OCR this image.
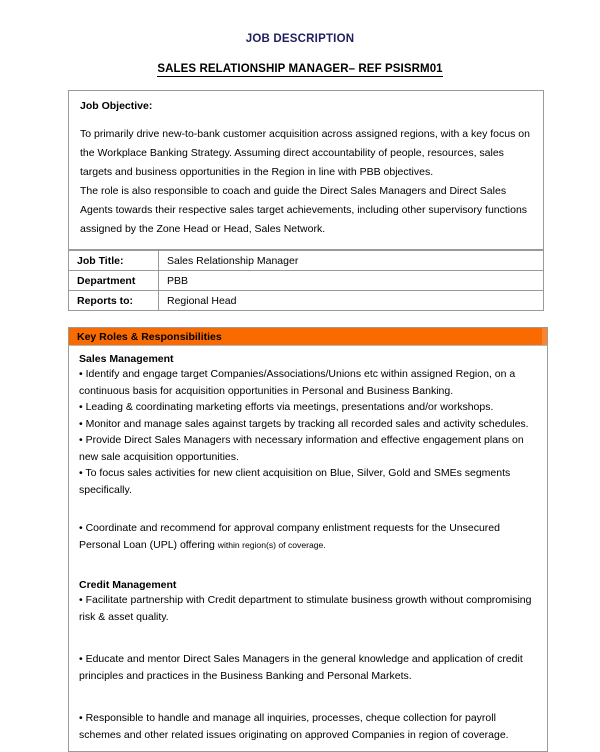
JOB DESCRIPTION
SALES RELATIONSHIP MANAGER– REF PSISRM01
Job Objective:

To primarily drive new-to-bank customer acquisition across assigned regions, with a key focus on the Workplace Banking Strategy. Assuming direct accountability of people, resources, sales targets and business opportunities in the Region in line with PBB objectives.

The role is also responsible to coach and guide the Direct Sales Managers and Direct Sales Agents towards their respective sales target achievements, including other supervisory functions assigned by the Zone Head or Head, Sales Network.

Job Title:	Sales Relationship Manager
Department	PBB
Reports to:	Regional Head
Key Roles & Responsibilities
Sales Management

• Identify and engage target Companies/Associations/Unions etc within assigned Region, on a continuous basis for acquisition opportunities in Personal and Business Banking.

• Leading & coordinating marketing efforts via meetings, presentations and/or workshops.

• Monitor and manage sales against targets by tracking all recorded sales and activity schedules.

• Provide Direct Sales Managers with necessary information and effective engagement plans on new sale acquisition opportunities.

• To focus sales activities for new client acquisition on Blue, Silver, Gold and SMEs segments specifically.

• Coordinate and recommend for approval company enlistment requests for the Unsecured Personal Loan (UPL) offering within region(s) of coverage.

Credit Management

• Facilitate partnership with Credit department to stimulate business growth without compromising risk & asset quality.

• Educate and mentor Direct Sales Managers in the general knowledge and application of credit principles and practices in the Business Banking and Personal Markets.

• Responsible to handle and manage all inquiries, processes, cheque collection for payroll schemes and other related issues originating on approved Companies in region of coverage.
